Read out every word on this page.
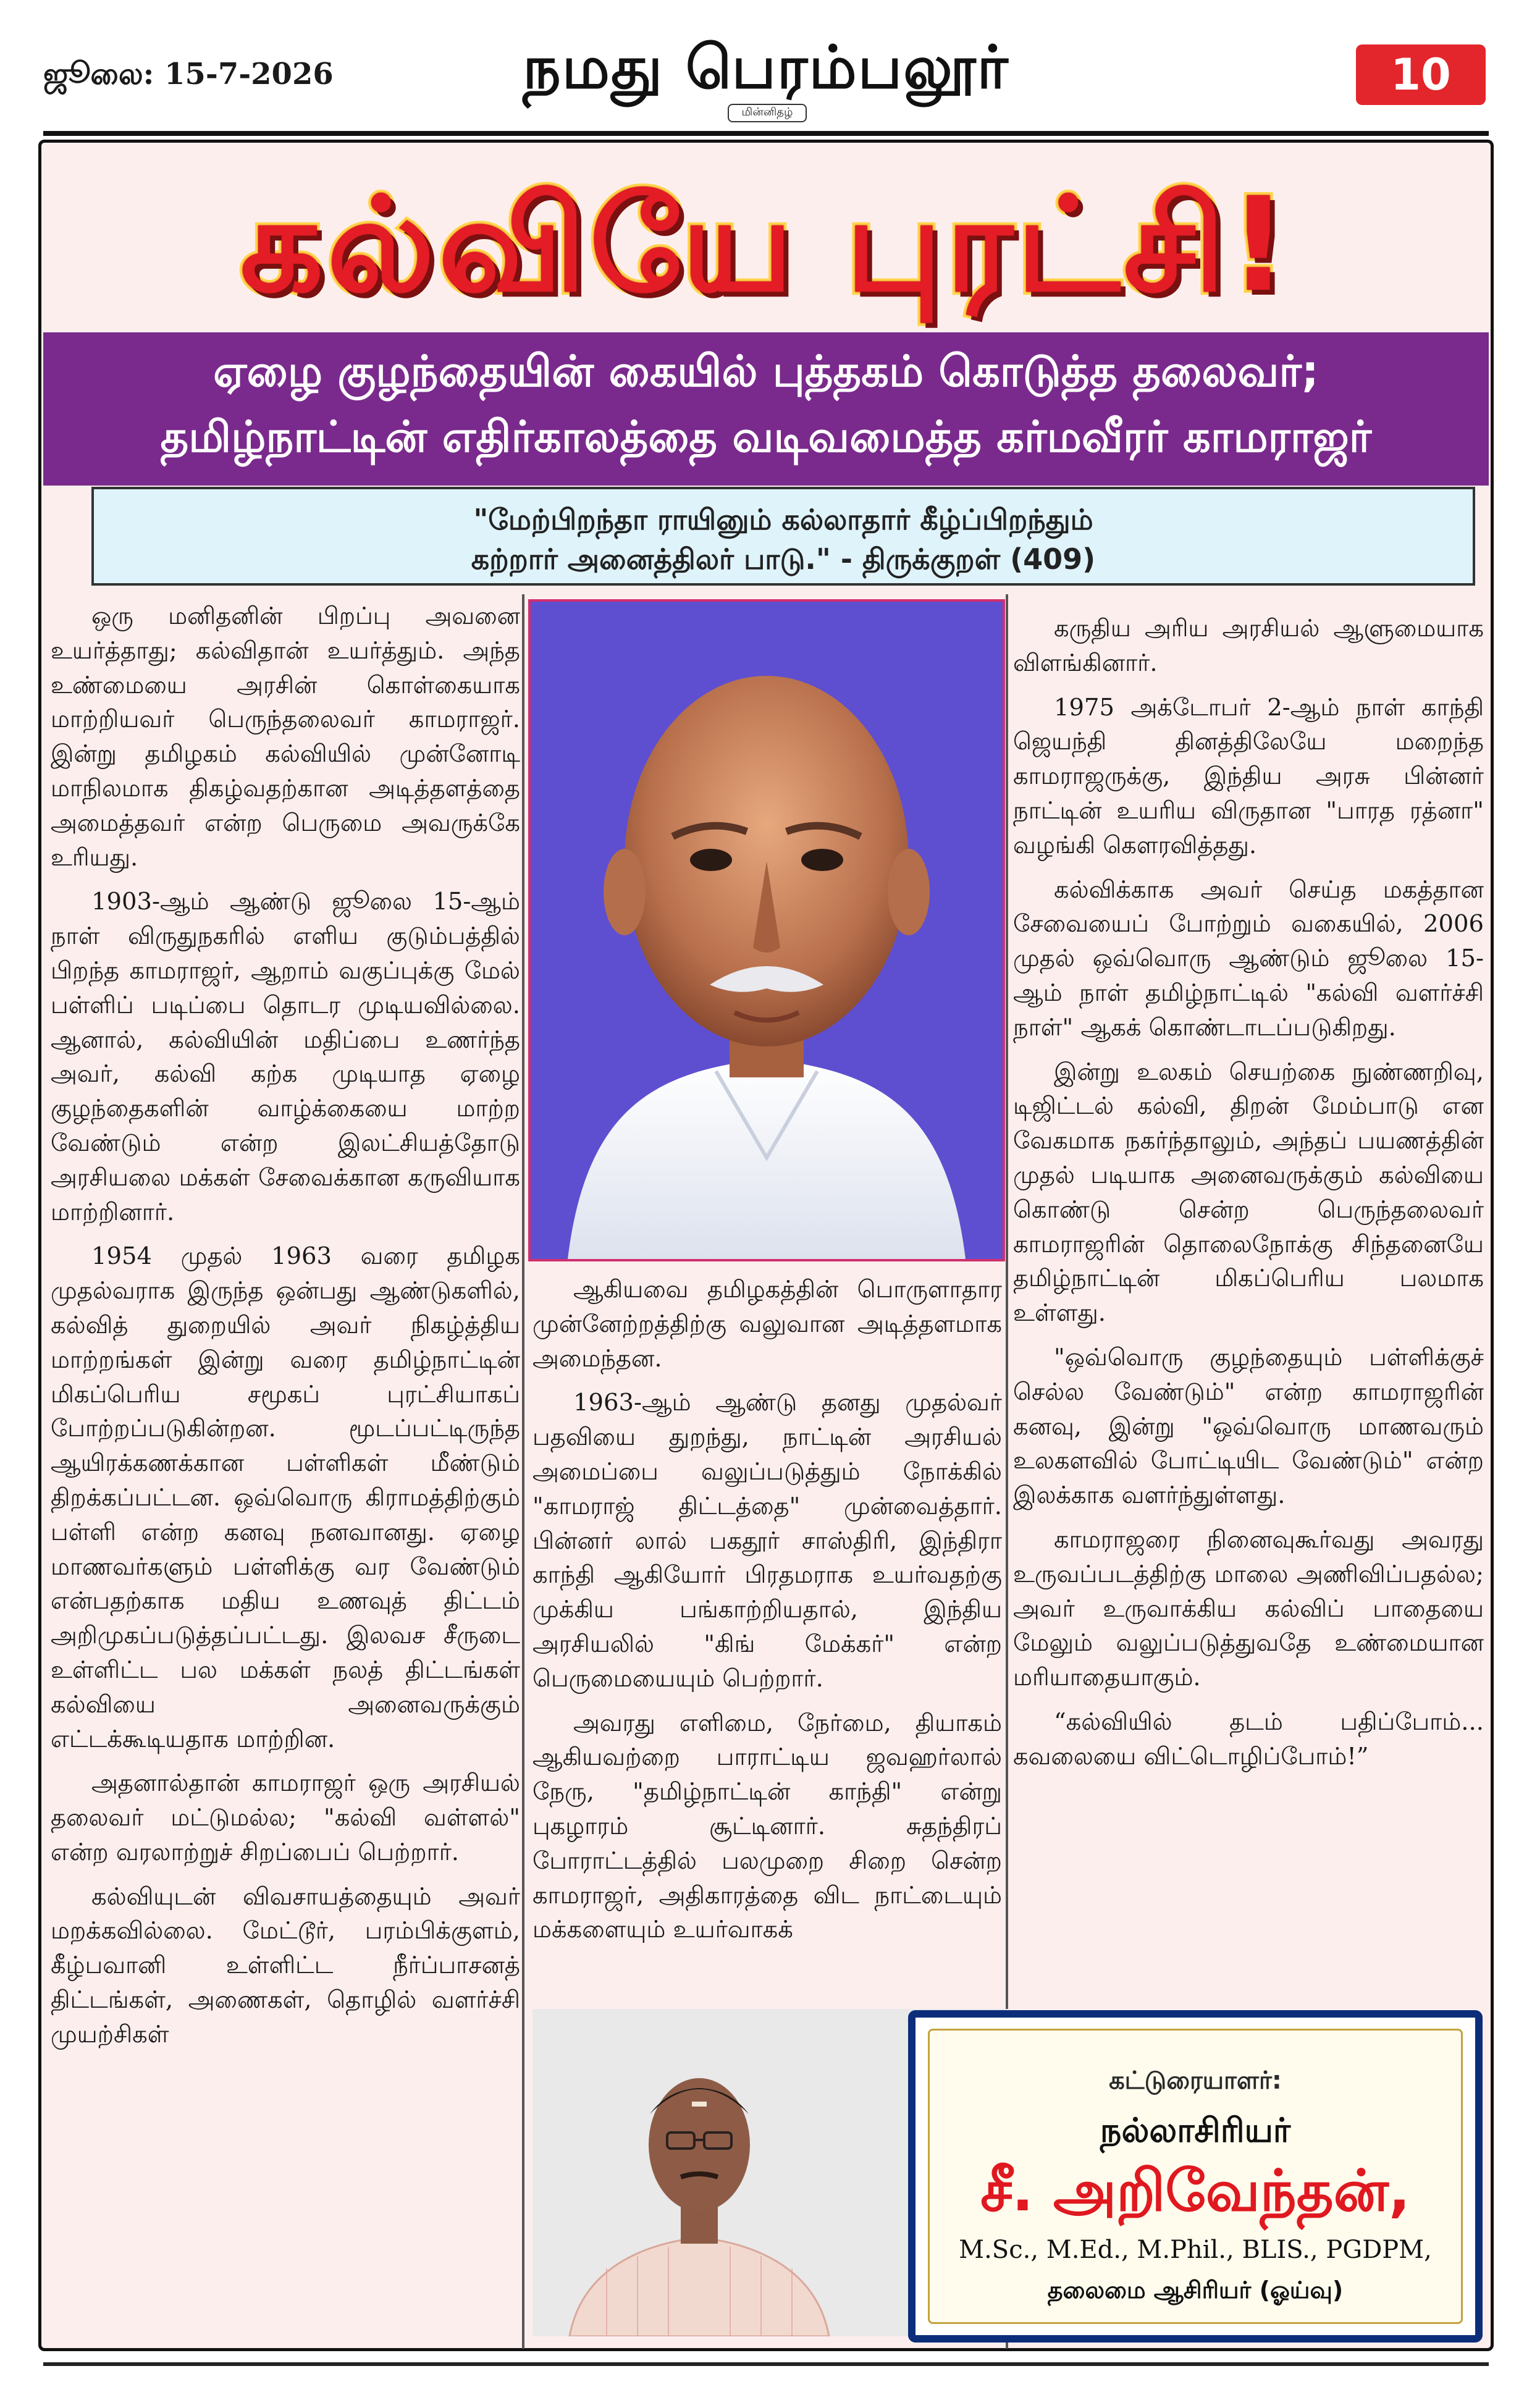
ஜூலை: 15-7-2026	நமது பெரம்பலூர்
மின்னிதழ்
10
கல்வியே புரட்சி!
ஏழை குழந்தையின் கையில் புத்தகம் கொடுத்த தலைவர்;
தமிழ்நாட்டின் எதிர்காலத்தை வடிவமைத்த கர்மவீரர் காமராஜர்
"மேற்பிறந்தா ராயினும் கல்லாதார் கீழ்ப்பிறந்தும்
கற்றார் அனைத்திலர் பாடு." - திருக்குறள் (409)

ஒரு மனிதனின் பிறப்பு அவனை உயர்த்தாது; கல்விதான் உயர்த்தும். அந்த உண்மையை அரசின் கொள்கையாக மாற்றியவர் பெருந்தலைவர் காமராஜர். இன்று தமிழகம் கல்வியில் முன்னோடி மாநிலமாக திகழ்வதற்கான அடித்தளத்தை அமைத்தவர் என்ற பெருமை அவருக்கே உரியது.

1903-ஆம் ஆண்டு ஜூலை 15-ஆம் நாள் விருதுநகரில் எளிய குடும்பத்தில் பிறந்த காமராஜர், ஆறாம் வகுப்புக்கு மேல் பள்ளிப் படிப்பை தொடர முடியவில்லை. ஆனால், கல்வியின் மதிப்பை உணர்ந்த அவர், கல்வி கற்க முடியாத ஏழை குழந்தைகளின் வாழ்க்கையை மாற்ற வேண்டும் என்ற இலட்சியத்தோடு அரசியலை மக்கள் சேவைக்கான கருவியாக மாற்றினார்.

1954 முதல் 1963 வரை தமிழக முதல்வராக இருந்த ஒன்பது ஆண்டுகளில், கல்வித் துறையில் அவர் நிகழ்த்திய மாற்றங்கள் இன்று வரை தமிழ்நாட்டின் மிகப்பெரிய சமூகப் புரட்சியாகப் போற்றப்படுகின்றன. மூடப்பட்டிருந்த ஆயிரக்கணக்கான பள்ளிகள் மீண்டும் திறக்கப்பட்டன. ஒவ்வொரு கிராமத்திற்கும் பள்ளி என்ற கனவு நனவானது. ஏழை மாணவர்களும் பள்ளிக்கு வர வேண்டும் என்பதற்காக மதிய உணவுத் திட்டம் அறிமுகப்படுத்தப்பட்டது. இலவச சீருடை உள்ளிட்ட பல மக்கள் நலத் திட்டங்கள் கல்வியை அனைவருக்கும் எட்டக்கூடியதாக மாற்றின.

அதனால்தான் காமராஜர் ஒரு அரசியல் தலைவர் மட்டுமல்ல; "கல்வி வள்ளல்" என்ற வரலாற்றுச் சிறப்பைப் பெற்றார்.

கல்வியுடன் விவசாயத்தையும் அவர் மறக்கவில்லை. மேட்டூர், பரம்பிக்குளம், கீழ்பவானி உள்ளிட்ட நீர்ப்பாசனத் திட்டங்கள், அணைகள், தொழில் வளர்ச்சி முயற்சிகள்

ஆகியவை தமிழகத்தின் பொருளாதார முன்னேற்றத்திற்கு வலுவான அடித்தளமாக அமைந்தன.

1963-ஆம் ஆண்டு தனது முதல்வர் பதவியை துறந்து, நாட்டின் அரசியல் அமைப்பை வலுப்படுத்தும் நோக்கில் "காமராஜ் திட்டத்தை" முன்வைத்தார். பின்னர் லால் பகதூர் சாஸ்திரி, இந்திரா காந்தி ஆகியோர் பிரதமராக உயர்வதற்கு முக்கிய பங்காற்றியதால், இந்திய அரசியலில் "கிங் மேக்கர்" என்ற பெருமையையும் பெற்றார்.

அவரது எளிமை, நேர்மை, தியாகம் ஆகியவற்றை பாராட்டிய ஜவஹர்லால் நேரு, "தமிழ்நாட்டின் காந்தி" என்று புகழாரம் சூட்டினார். சுதந்திரப் போராட்டத்தில் பலமுறை சிறை சென்ற காமராஜர், அதிகாரத்தை விட நாட்டையும் மக்களையும் உயர்வாகக்

கருதிய அரிய அரசியல் ஆளுமையாக விளங்கினார்.

1975 அக்டோபர் 2-ஆம் நாள் காந்தி ஜெயந்தி தினத்திலேயே மறைந்த காமராஜருக்கு, இந்திய அரசு பின்னர் நாட்டின் உயரிய விருதான "பாரத ரத்னா" வழங்கி கௌரவித்தது.

கல்விக்காக அவர் செய்த மகத்தான சேவையைப் போற்றும் வகையில், 2006 முதல் ஒவ்வொரு ஆண்டும் ஜூலை 15-ஆம் நாள் தமிழ்நாட்டில் "கல்வி வளர்ச்சி நாள்" ஆகக் கொண்டாடப்படுகிறது.

இன்று உலகம் செயற்கை நுண்ணறிவு, டிஜிட்டல் கல்வி, திறன் மேம்பாடு என வேகமாக நகர்ந்தாலும், அந்தப் பயணத்தின் முதல் படியாக அனைவருக்கும் கல்வியை கொண்டு சென்ற பெருந்தலைவர் காமராஜரின் தொலைநோக்கு சிந்தனையே தமிழ்நாட்டின் மிகப்பெரிய பலமாக உள்ளது.

"ஒவ்வொரு குழந்தையும் பள்ளிக்குச் செல்ல வேண்டும்" என்ற காமராஜரின் கனவு, இன்று "ஒவ்வொரு மாணவரும் உலகளவில் போட்டியிட வேண்டும்" என்ற இலக்காக வளர்ந்துள்ளது.

காமராஜரை நினைவுகூர்வது அவரது உருவப்படத்திற்கு மாலை அணிவிப்பதல்ல; அவர் உருவாக்கிய கல்விப் பாதையை மேலும் வலுப்படுத்துவதே உண்மையான மரியாதையாகும்.

“கல்வியில் தடம் பதிப்போம்... கவலையை விட்டொழிப்போம்!”

கட்டுரையாளர்:
நல்லாசிரியர்
சீ. அறிவேந்தன்,
M.Sc., M.Ed., M.Phil., BLIS., PGDPM,
தலைமை ஆசிரியர் (ஓய்வு)
